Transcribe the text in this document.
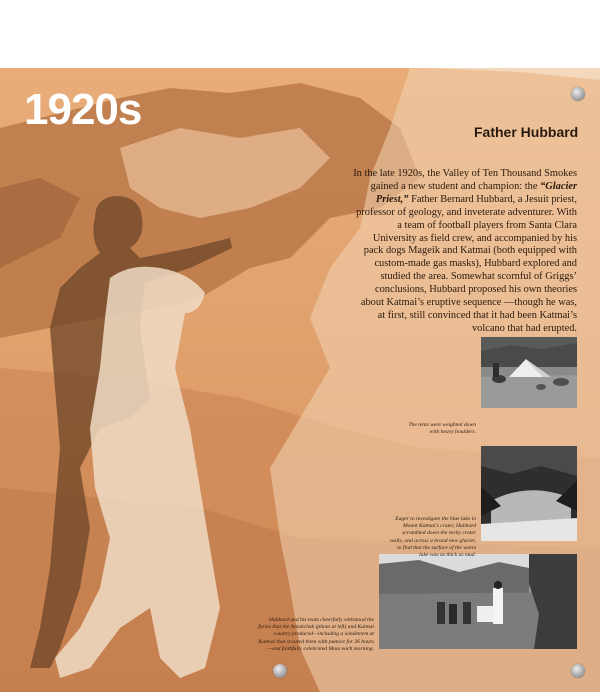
1920s
The tents were weighted down with heavy boulders.
Eager to investigate the blue lake in Mount Katmai’s crater, Hubbard scrambled down the rocky crater walls, and across a brand new glacier, to find that the surface of the warm lake was as thick as mud.
Hubbard and his team cheerfully withstood the furies that the Aniakchak (photo at left) and Katmai country produced—including a windstorm at Katmai that scoured them with pumice for 36 hours—and faithfully celebrated Mass each morning.
Father Hubbard
In the late 1920s, the Valley of Ten Thousand Smokes gained a new student and champion: the “Glacier Priest,” Father Bernard Hubbard, a Jesuit priest, professor of geology, and inveterate adventurer. With a team of football players from Santa Clara University as field crew, and accompanied by his pack dogs Mageik and Katmai (both equipped with custom-made gas masks), Hubbard explored and studied the area. Somewhat scornful of Griggs’ conclusions, Hubbard proposed his own theories about Katmai’s eruptive sequence —though he was, at first, still convinced that it had been Katmai’s volcano that had erupted.
